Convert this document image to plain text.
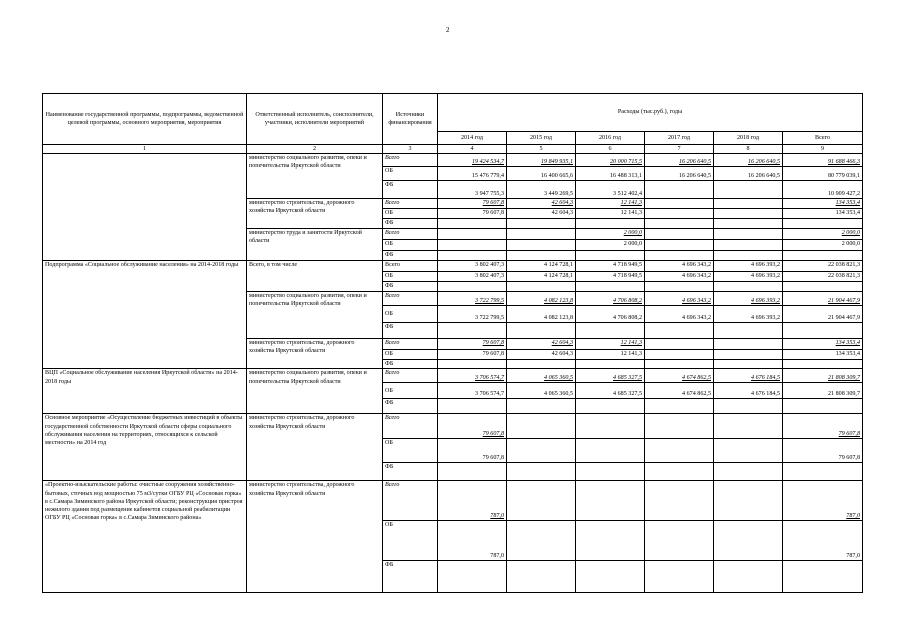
2
Наименование государственной программы, подпрограммы, ведомственной целевой программы, основного мероприятия, мероприятия	Ответственный исполнитель, соисполнители, участники, исполнители мероприятий	Источники финансирования	Расходы (тыс.руб.), годы					
			2014 год	2015 год	2016 год	2017 год	2018 год	Всего
1	2	3	4	5	6	7	8	9
	министерство социального развития, опеки и попечительства Иркутской области	Всего	19 424 534,7	19 849 935,1	20 000 715,5	16 206 640,5	16 206 640,5	91 688 466,3
		ОБ	15 476 779,4	16 400 665,6	16 488 313,1	16 206 640,5	16 206 640,5	80 779 039,1
		ФБ	3 947 755,3	3 449 269,5	3 512 402,4			10 909 427,2
	министерство строительства, дорожного хозяйства Иркутской области	Всего	79 607,8	42 604,3	12 141,3			134 353,4
		ОБ	79 607,8	42 604,3	12 141,3			134 353,4
		ФБ						
	министерство труда и занятости Иркутской области	Всего			2 000,0			2 000,0
		ОБ			2 000,0			2 000,0
		ФБ						
Подпрограмма «Социальное обслуживание населения» на 2014-2018 годы	Всего, в том числе	Всего	3 802 407,3	4 124 728,1	4 718 949,5	4 696 343,2	4 696 393,2	22 038 821,3
		ОБ	3 802 407,3	4 124 728,1	4 718 949,5	4 696 343,2	4 696 393,2	22 038 821,3
		ФБ						
	министерство социального развития, опеки и попечительства Иркутской области	Всего	3 722 799,5	4 082 123,8	4 706 808,2	4 696 343,2	4 696 393,2	21 904 467,9
		ОБ	3 722 799,5	4 082 123,8	4 706 808,2	4 696 343,2	4 696 393,2	21 904 467,9
		ФБ						
	министерство строительства, дорожного хозяйства Иркутской области	Всего	79 607,8	42 604,3	12 141,3			134 353,4
		ОБ	79 607,8	42 604,3	12 141,3			134 353,4
		ФБ						
ВЦП «Социальное обслуживание населения Иркутской области» на 2014-2018 годы	министерство социального развития, опеки и попечительства Иркутской области	Всего	3 706 574,7	4 065 360,5	4 685 327,5	4 674 862,5	4 676 184,5	21 808 309,7
		ОБ	3 706 574,7	4 065 360,5	4 685 327,5	4 674 862,5	4 676 184,5	21 808 309,7
		ФБ						
Основное мероприятие «Осуществление бюджетных инвестиций в объекты государственной собственности Иркутской области сферы социального обслуживания населения на территориях, относящихся к сельской местности» на 2014 год	министерство строительства, дорожного хозяйства Иркутской области	Всего	79 607,8					79 607,8
		ОБ	79 607,8					79 607,8
		ФБ						
«Проектно-изыскательские работы: очистные сооружения хозяйственно-бытовых, сточных вод мощностью 75 м3/сутки ОГБУ РЦ «Сосновая горка» в с.Самара Зиминского района Иркутской области; реконструкция пристроя нежилого здания под размещение кабинетов социальной реабилитации ОГБУ РЦ «Сосновая горка» в с.Самара Зиминского района»	министерство строительства, дорожного хозяйства Иркутской области	Всего	787,0					787,0
		ОБ	787,0					787,0
		ФБ						
